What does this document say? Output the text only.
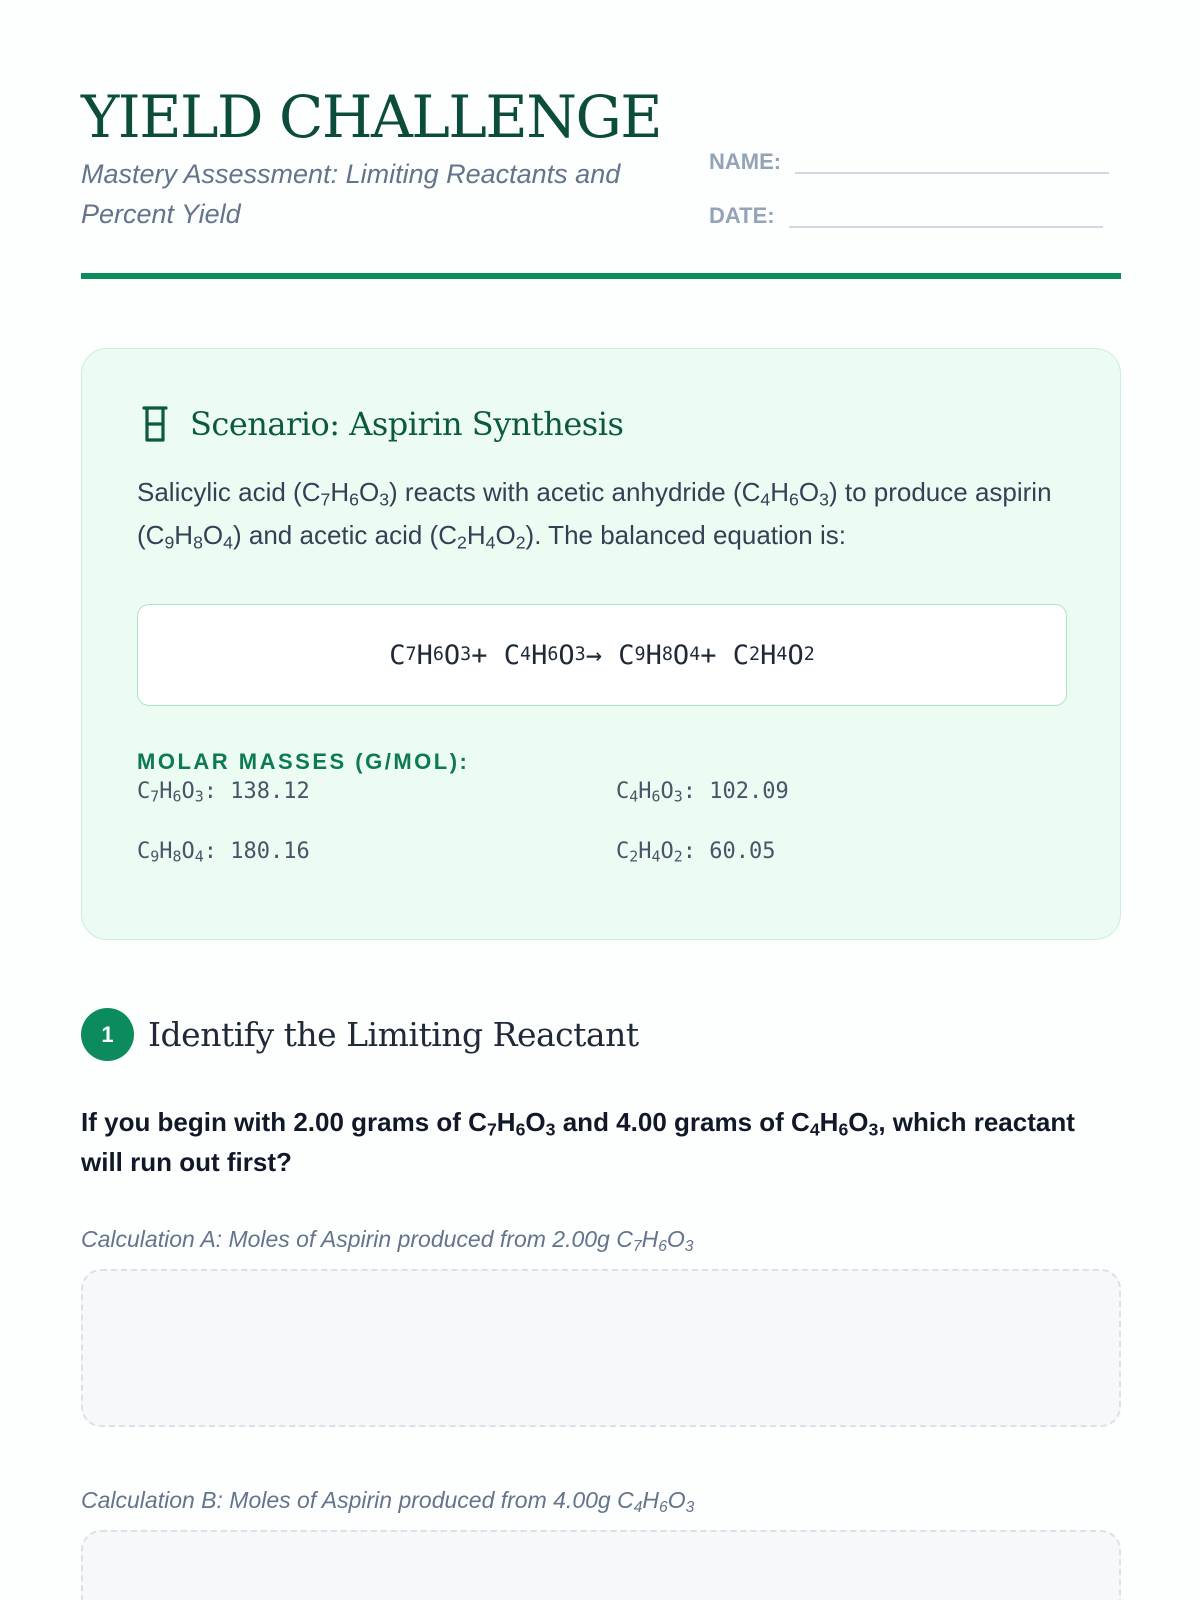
YIELD CHALLENGE
Mastery Assessment: Limiting Reactants and Percent Yield
NAME:
DATE:
Scenario: Aspirin Synthesis
Salicylic acid $(C_7H_6O_3)$ reacts with acetic anhydride $(C_4H_6O_3)$ to produce aspirin $(C_9H_8O_4)$ and acetic acid $(C_2H_4O_2)$. The balanced equation is:
C 7 H 6 O 3 + C 4 H 6 O 3 → C 9 H 8 O 4 + C 2 H 4 O 2
MOLAR MASSES (G/MOL):
$C_7H_6O_3$: 138.12	$C_4H_6O_3$: 102.09
$C_9H_8O_4$: 180.16	$C_2H_4O_2$: 60.05
1	Identify the Limiting Reactant
If you begin with 2.00 grams of $C_7H_6O_3$ and 4.00 grams of $C_4H_6O_3$, which reactant will run out first?
Calculation A: Moles of Aspirin produced from 2.00g $C_7H_6O_3$
Calculation B: Moles of Aspirin produced from 4.00g $C_4H_6O_3$
